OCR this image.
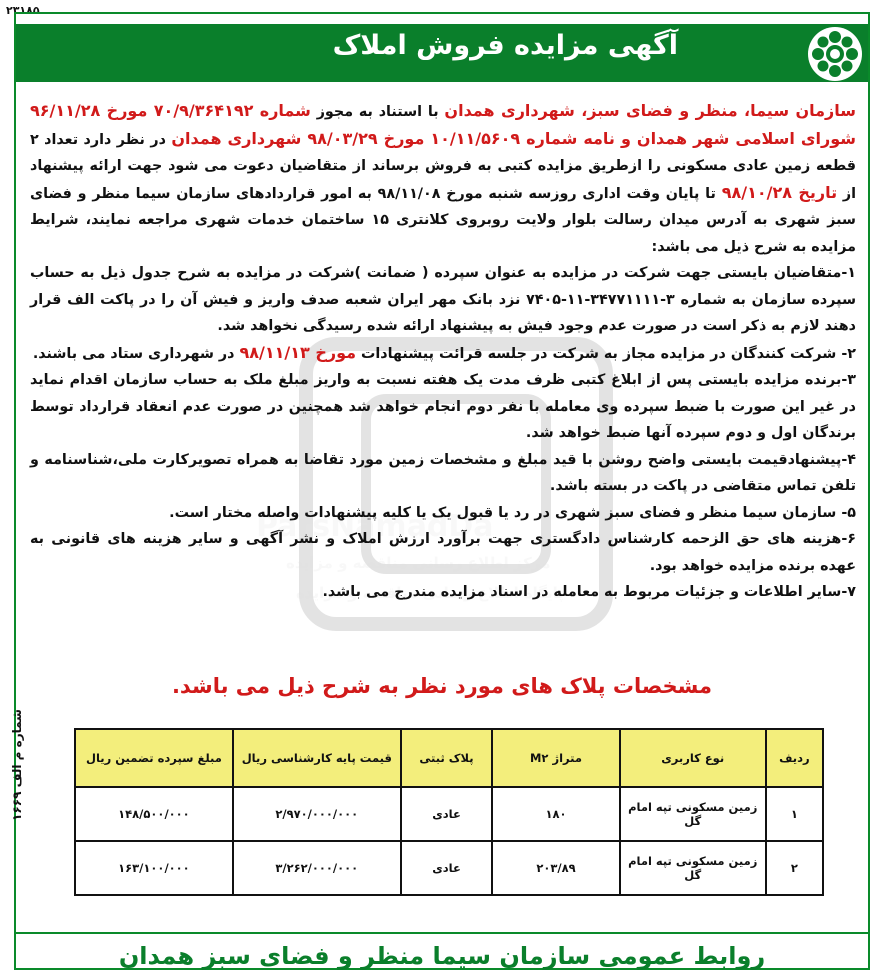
۲۳۱۸۵
آگهی مزایده فروش املاک

سازمان سیما، منظر و فضای سبز، شهرداری همدان با استناد به مجوز شماره ۷۰/۹/۳۶۴۱۹۲ مورخ ۹۶/۱۱/۲۸ شورای اسلامی شهر همدان و نامه شماره ۱۰/۱۱/۵۶۰۹ مورخ ۹۸/۰۳/۲۹ شهرداری همدان در نظر دارد تعداد ۲ قطعه زمین عادی مسکونی را ازطریق مزایده کتبی به فروش برساند از متقاضیان دعوت می شود جهت ارائه پیشنهاد از تاریخ ۹۸/۱۰/۲۸ تا پایان وقت اداری روزسه شنبه مورخ ۹۸/۱۱/۰۸ به امور قراردادهای سازمان سیما منظر و فضای سبز شهری به آدرس میدان رسالت بلوار ولایت روبروی کلانتری ۱۵ ساختمان خدمات شهری مراجعه نمایند، شرایط مزایده به شرح ذیل می باشد:

۱-متقاضیان بایستی جهت شرکت در مزایده به عنوان سپرده ( ضمانت )شرکت در مزایده به شرح جدول ذیل به حساب سپرده سازمان به شماره ۳-۳۴۷۷۱۱۱۱-۱۱-۷۴۰۵ نزد بانک مهر ایران شعبه صدف واریز و فیش آن را در پاکت الف قرار دهند لازم به ذکر است در صورت عدم وجود فیش به پیشنهاد ارائه شده رسیدگی نخواهد شد.

۲- شرکت کنندگان در مزایده مجاز به شرکت در جلسه قرائت پیشنهادات مورخ ۹۸/۱۱/۱۳ در شهرداری ستاد می باشند.

۳-برنده مزایده بایستی پس از ابلاغ کتبی ظرف مدت یک هفته نسبت به واریز مبلغ ملک به حساب سازمان اقدام نماید در غیر این صورت با ضبط سپرده وی معامله با نفر دوم انجام خواهد شد همچنین در صورت عدم انعقاد قرارداد توسط برندگان اول و دوم سپرده آنها ضبط خواهد شد.

۴-پیشنهادقیمت بایستی واضح روشن با قید مبلغ و مشخصات زمین مورد تقاضا به همراه تصویرکارت ملی،شناسنامه و تلفن تماس متقاضی در پاکت در بسته باشد.

۵- سازمان سیما منظر و فضای سبز شهری در رد یا قبول یک یا کلیه پیشنهادات واصله مختار است.

۶-هزینه های حق الزحمه کارشناس دادگستری جهت برآورد ارزش املاک و نشر آگهی و سایر هزینه های قانونی به عهده برنده مزایده خواهد بود.

۷-سایر اطلاعات و جزئیات مربوط به معامله در اسناد مزایده مندرج می باشد.

مشخصات پلاک های مورد نظر به شرح ذیل می باشد.
ردیف	نوع کاربری	متراژ M۲	پلاک ثبتی	قیمت پایه کارشناسی ریال	مبلغ سپرده تضمین ریال
۱	زمین مسکونی تپه امام گل	۱۸۰	عادی	۲/۹۷۰/۰۰۰/۰۰۰	۱۴۸/۵۰۰/۰۰۰
۲	زمین مسکونی تپه امام گل	۲۰۳/۸۹	عادی	۳/۲۶۲/۰۰۰/۰۰۰	۱۶۳/۱۰۰/۰۰۰
شماره م الف ۱۶۶۹
روابط عمومی سازمان سیما منظر و فضای سبز همدان
